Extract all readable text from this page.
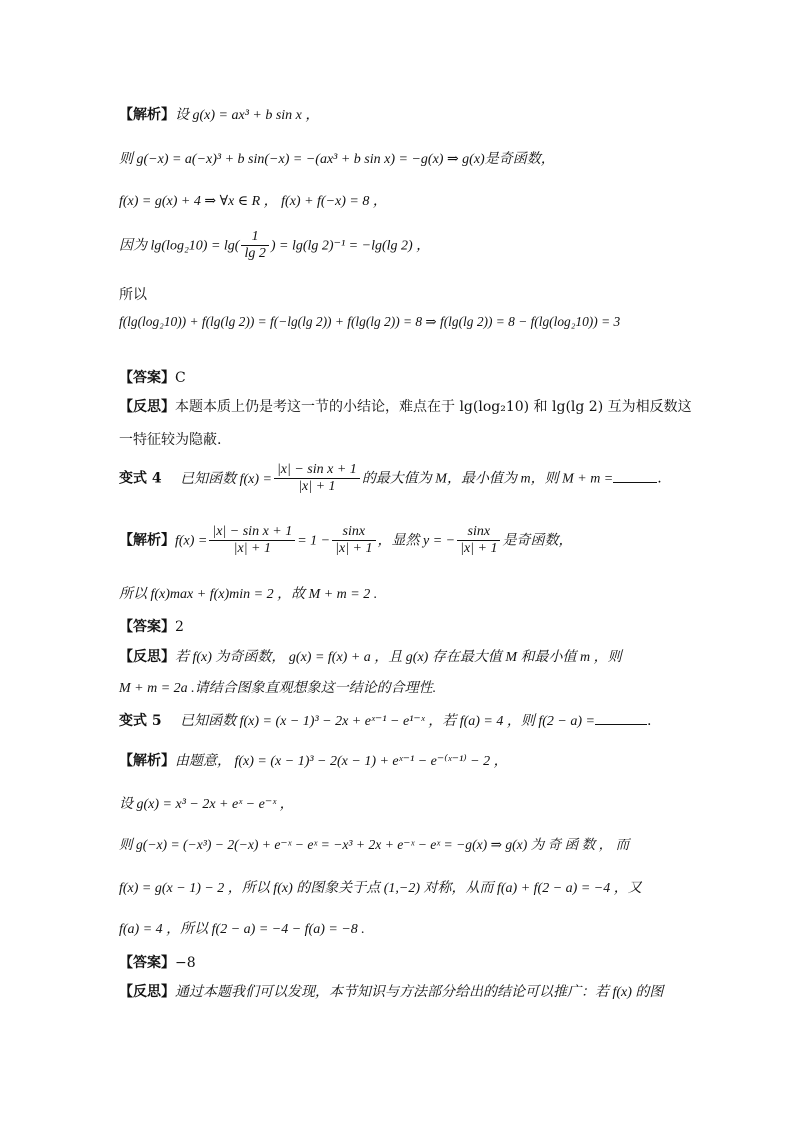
【解析】设 g(x) = ax³ + b sin x ，
则 g(−x) = a(−x)³ + b sin(−x) = −(ax³ + b sin x) = −g(x) ⇒ g(x)是奇函数，
f(x) = g(x) + 4 ⇒ ∀x ∈ R ， f(x) + f(−x) = 8 ，
因为 $\lg(\log_210) = \lg( \frac{1}{\lg 2}$ ) = lg(lg 2)⁻¹ = −lg(lg 2) ，
所以
f(lg(log₂10)) + f(lg(lg 2)) = f(−lg(lg 2)) + f(lg(lg 2)) = 8 ⇒ f(lg(lg 2)) = 8 − f(lg(log₂10)) = 3
【答案】C
【反思】本题本质上仍是考这一节的小结论，难点在于 lg(log₂10) 和 lg(lg 2) 互为相反数这
一特征较为隐蔽.
变式 4 已知函数 $f(x) = \frac{\text{|x| − sin x + 1}}{|x| + 1}$ 的最大值为 M，最小值为 m，则 M + m =	.
【解析】$f(x) = \frac{\text{|x| − sin x + 1}}{|x| + 1} = 1 - \frac{\sin x}{|x| + 1}$ ，显然 y = − $\frac{\sin x}{|x| + 1}$ 是奇函数，
所以 f(x)max + f(x)min = 2 ，故 M + m = 2 .
【答案】2
【反思】若 f(x) 为奇函数， g(x) = f(x) + a ，且 g(x) 存在最大值 M 和最小值 m ，则
M + m = 2a .请结合图象直观想象这一结论的合理性.
变式 5 已知函数 f(x) = (x − 1)³ − 2x + eˣ⁻¹ − e¹⁻ˣ ，若 f(a) = 4 ，则 f(2 − a) =	.
【解析】由题意， f(x) = (x − 1)³ − 2(x − 1) + eˣ⁻¹ − e⁻⁽ˣ⁻¹⁾ − 2 ，
设 g(x) = x³ − 2x + eˣ − e⁻ˣ ，
则 g(−x) = (−x³) − 2(−x) + e⁻ˣ − eˣ = −x³ + 2x + e⁻ˣ − eˣ = −g(x) ⇒ g(x) 为 奇 函 数 ， 而
f(x) = g(x − 1) − 2 ，所以 f(x) 的图象关于点 (1,−2) 对称，从而 f(a) + f(2 − a) = −4 ，又
f(a) = 4 ，所以 f(2 − a) = −4 − f(a) = −8 .
【答案】−8
【反思】通过本题我们可以发现，本节知识与方法部分给出的结论可以推广：若 f(x) 的图
